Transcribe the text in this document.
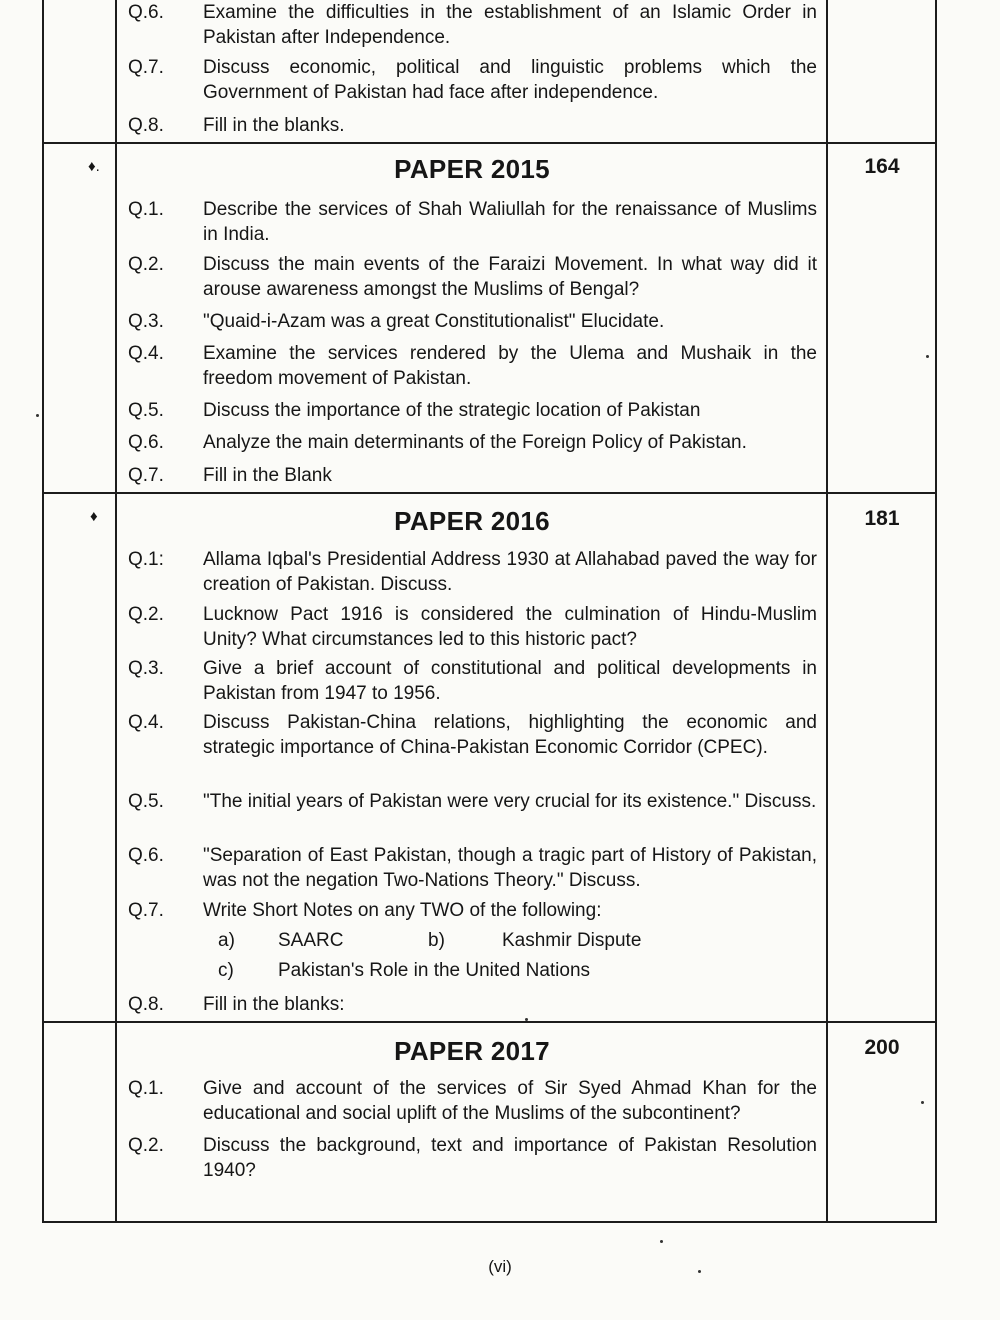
Q.6.	Examine the difficulties in the establishment of an Islamic Order in Pakistan after Independence.
Q.7.	Discuss economic, political and linguistic problems which the Government of Pakistan had face after independence.
Q.8.	Fill in the blanks.
♦.	PAPER 2015	164
Q.1.	Describe the services of Shah Waliullah for the renaissance of Muslims in India.
Q.2.	Discuss the main events of the Faraizi Movement. In what way did it arouse awareness amongst the Muslims of Bengal?
Q.3.	"Quaid-i-Azam was a great Constitutionalist" Elucidate.
Q.4.	Examine the services rendered by the Ulema and Mushaik in the freedom movement of Pakistan.
Q.5.	Discuss the importance of the strategic location of Pakistan
Q.6.	Analyze the main determinants of the Foreign Policy of Pakistan.
Q.7.	Fill in the Blank
♦	PAPER 2016	181
Q.1:	Allama Iqbal's Presidential Address 1930 at Allahabad paved the way for creation of Pakistan. Discuss.
Q.2.	Lucknow Pact 1916 is considered the culmination of Hindu-Muslim Unity? What circumstances led to this historic pact?
Q.3.	Give a brief account of constitutional and political developments in Pakistan from 1947 to 1956.
Q.4.	Discuss Pakistan-China relations, highlighting the economic and strategic importance of China-Pakistan Economic Corridor (CPEC).
Q.5.	"The initial years of Pakistan were very crucial for its existence." Discuss.
Q.6.	"Separation of East Pakistan, though a tragic part of History of Pakistan, was not the negation Two-Nations Theory." Discuss.
Q.7.	Write Short Notes on any TWO of the following:
a) SAARC	b)	Kashmir Dispute
c) Pakistan's Role in the United Nations
Q.8.	Fill in the blanks:
PAPER 2017	200
Q.1.	Give and account of the services of Sir Syed Ahmad Khan for the educational and social uplift of the Muslims of the subcontinent?
Q.2.	Discuss the background, text and importance of Pakistan Resolution 1940?
(vi)
